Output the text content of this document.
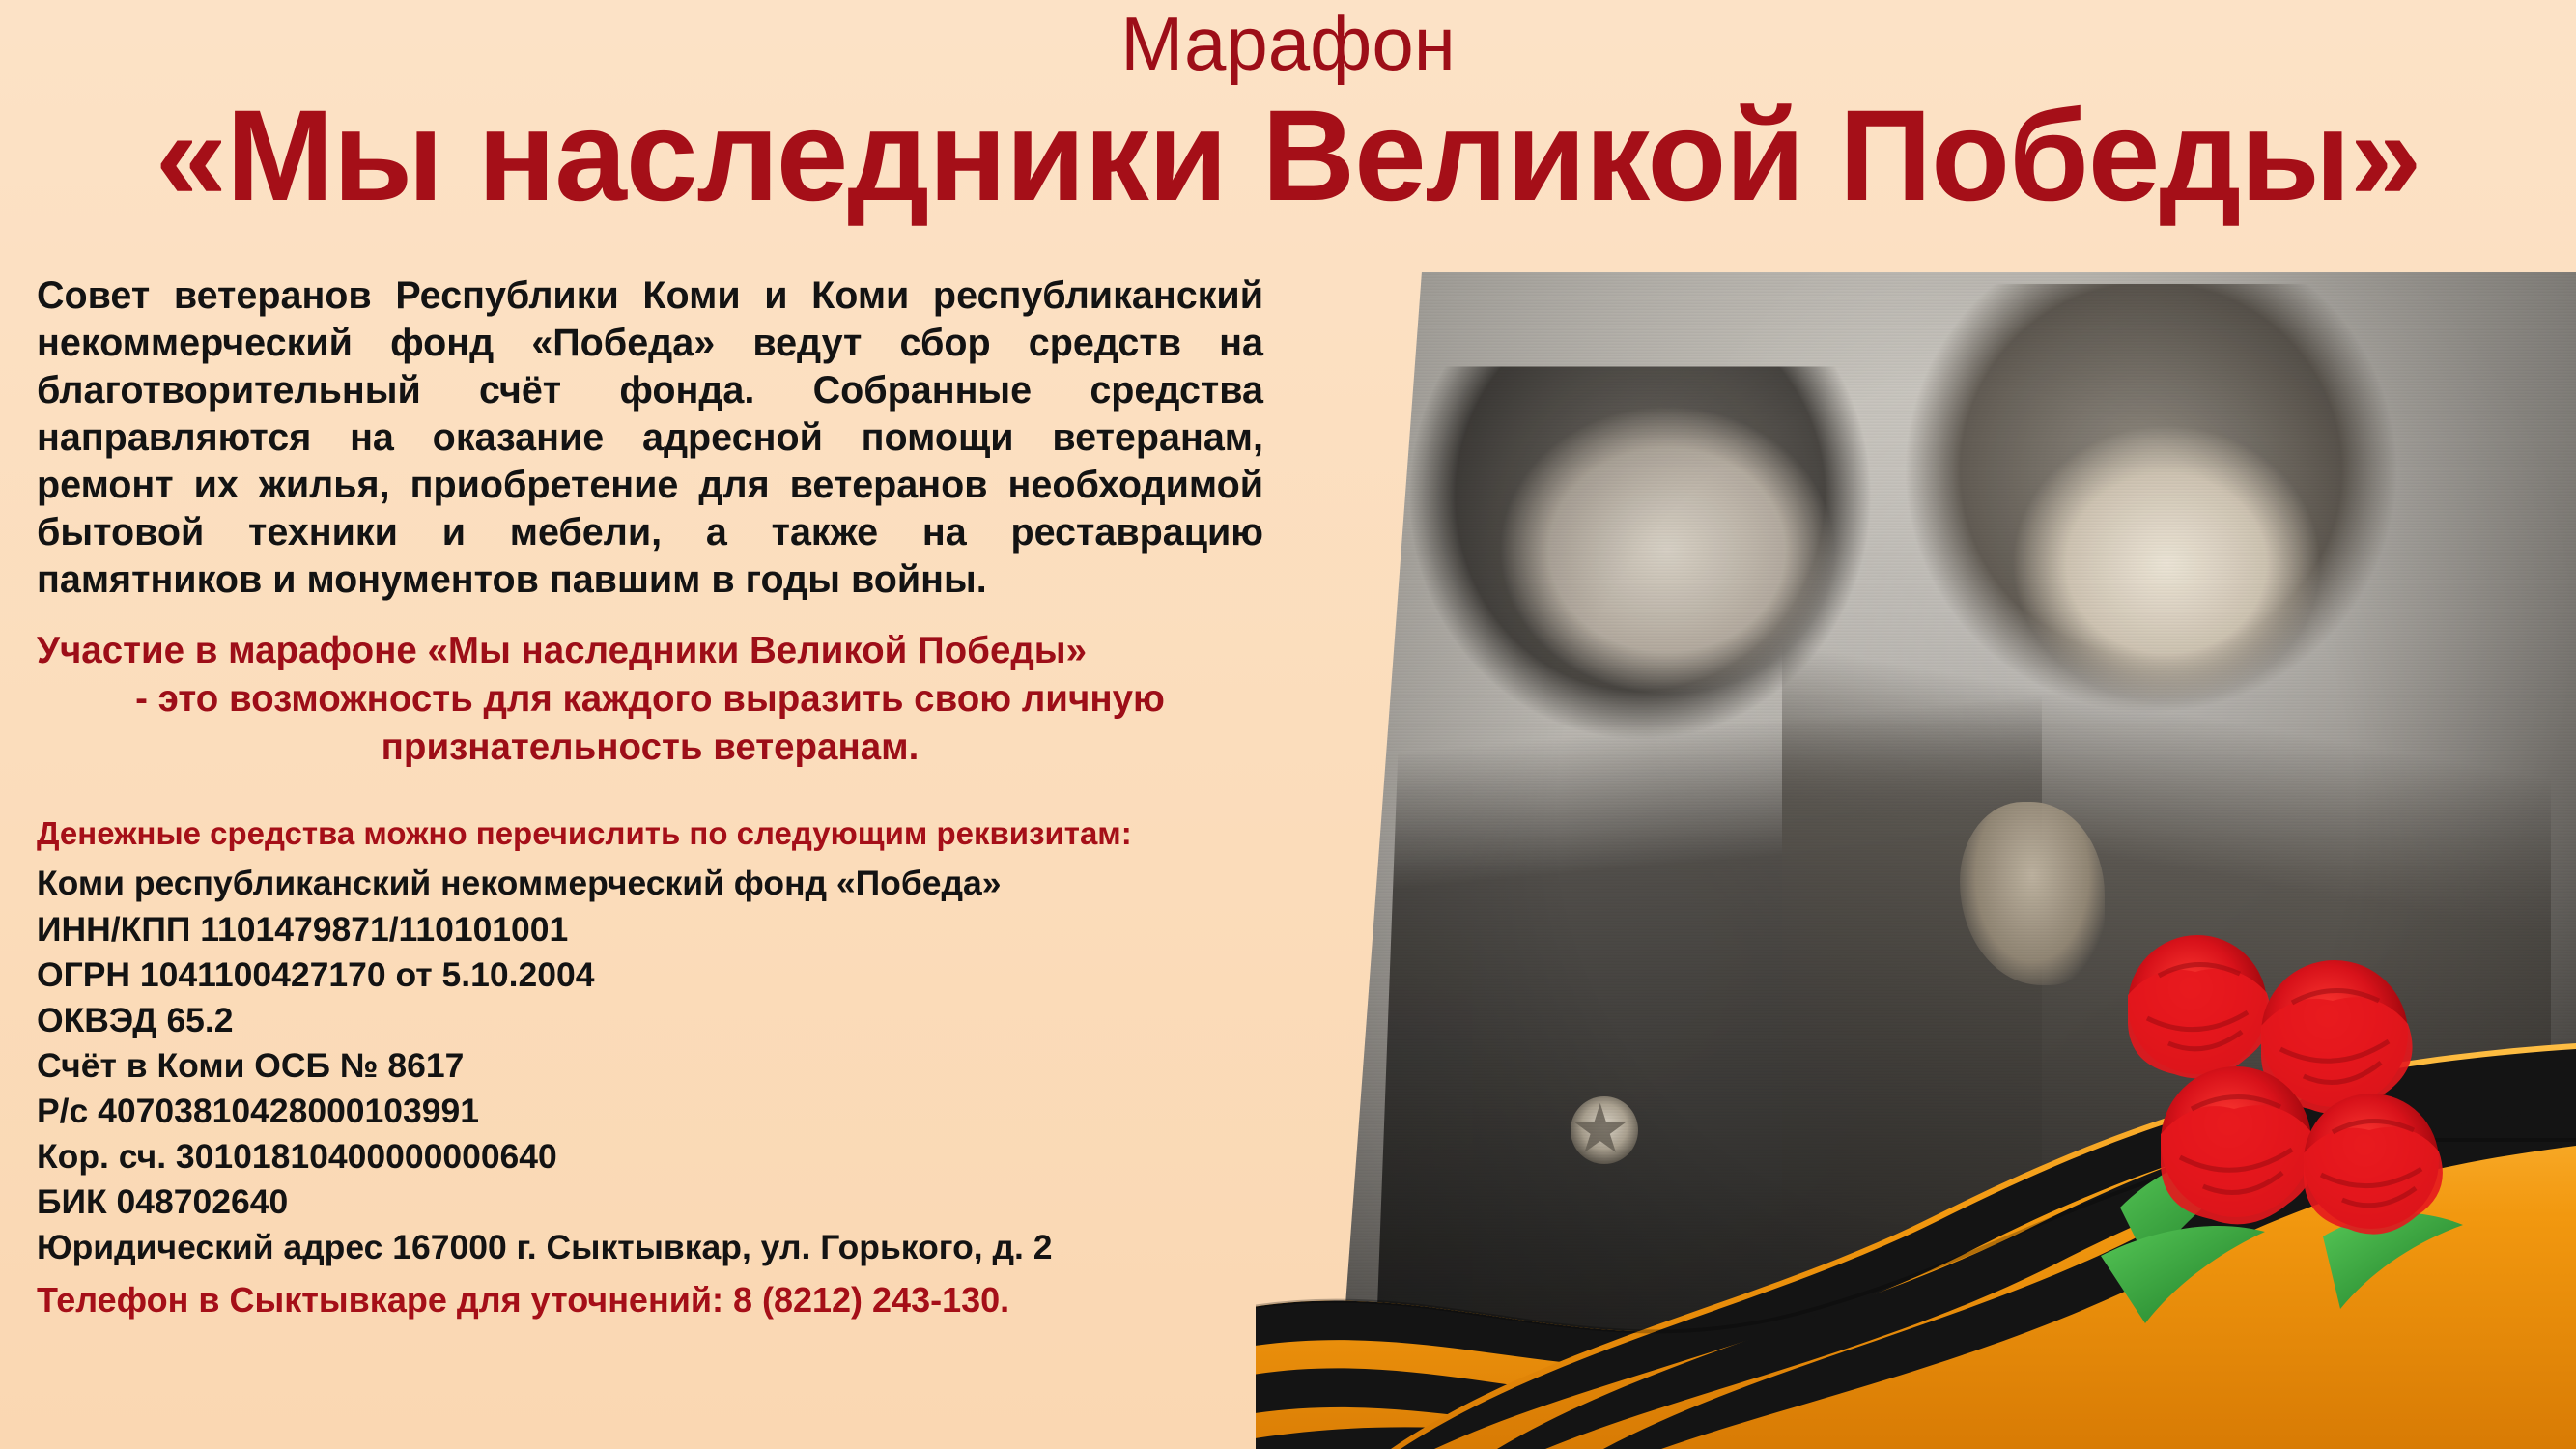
Марафон
«Мы наследники Великой Победы»

Совет ветеранов Республики Коми и Коми республиканский некоммерческий фонд «Победа» ведут сбор средств на благотворительный счёт фонда. Собранные средства направляются на оказание адресной помощи ветеранам, ремонт их жилья, приобретение для ветеранов необходимой бытовой техники и мебели, а также на реставрацию памятников и монументов павшим в годы войны.

Участие в марафоне «Мы наследники Великой Победы»
- это возможность для каждого выразить свою личную
признательность ветеранам.
Денежные средства можно перечислить по следующим реквизитам:
Коми республиканский некоммерческий фонд «Победа»
ИНН/КПП 1101479871/110101001
ОГРН 1041100427170 от 5.10.2004
ОКВЭД 65.2
Счёт в Коми ОСБ № 8617
Р/с 40703810428000103991
Кор. сч. 30101810400000000640
БИК 048702640
Юридический адрес 167000 г. Сыктывкар, ул. Горького, д. 2
Телефон в Сыктывкаре для уточнений: 8 (8212) 243-130.
